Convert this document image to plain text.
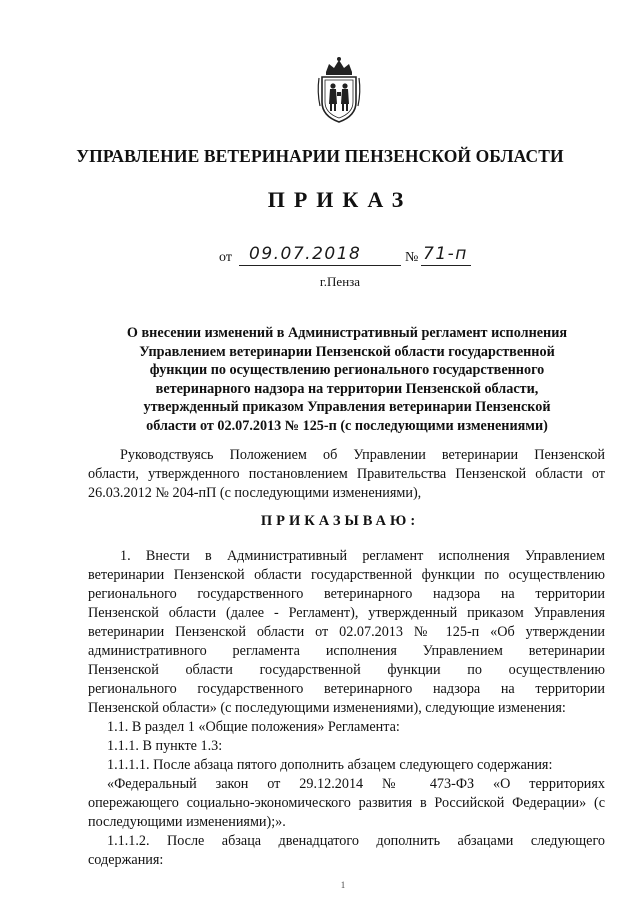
УПРАВЛЕНИЕ ВЕТЕРИНАРИИ ПЕНЗЕНСКОЙ ОБЛАСТИ
ПРИКАЗ
от 09.07.2018	№ 71-п
г.Пенза
О внесении изменений в Административный регламент исполнения
Управлением ветеринарии Пензенской области государственной
функции по осуществлению регионального государственного
ветеринарного надзора на территории Пензенской области,
утвержденный приказом Управления ветеринарии Пензенской
области от 02.07.2013 № 125-п (с последующими изменениями)
Руководствуясь Положением об Управлении ветеринарии Пензенской
области, утвержденного постановлением Правительства Пензенской области от
26.03.2012 № 204-пП (с последующими изменениями),
ПРИКАЗЫВАЮ:
1. Внести в Административный регламент исполнения Управлением
ветеринарии Пензенской области государственной функции по осуществлению
регионального государственного ветеринарного надзора на территории
Пензенской области (далее - Регламент), утвержденный приказом Управления
ветеринарии Пензенской области от 02.07.2013 № 125-п «Об утверждении
административного регламента исполнения Управлением ветеринарии
Пензенской области государственной функции по осуществлению
регионального государственного ветеринарного надзора на территории
Пензенской области» (с последующими изменениями), следующие изменения:
1.1. В раздел 1 «Общие положения» Регламента:
1.1.1. В пункте 1.3:
1.1.1.1. После абзаца пятого дополнить абзацем следующего содержания:
«Федеральный закон от 29.12.2014 № 473-ФЗ «О территориях
опережающего социально-экономического развития в Российской Федерации» (с
последующими изменениями);».
1.1.1.2. После абзаца двенадцатого дополнить абзацами следующего
содержания:
1
